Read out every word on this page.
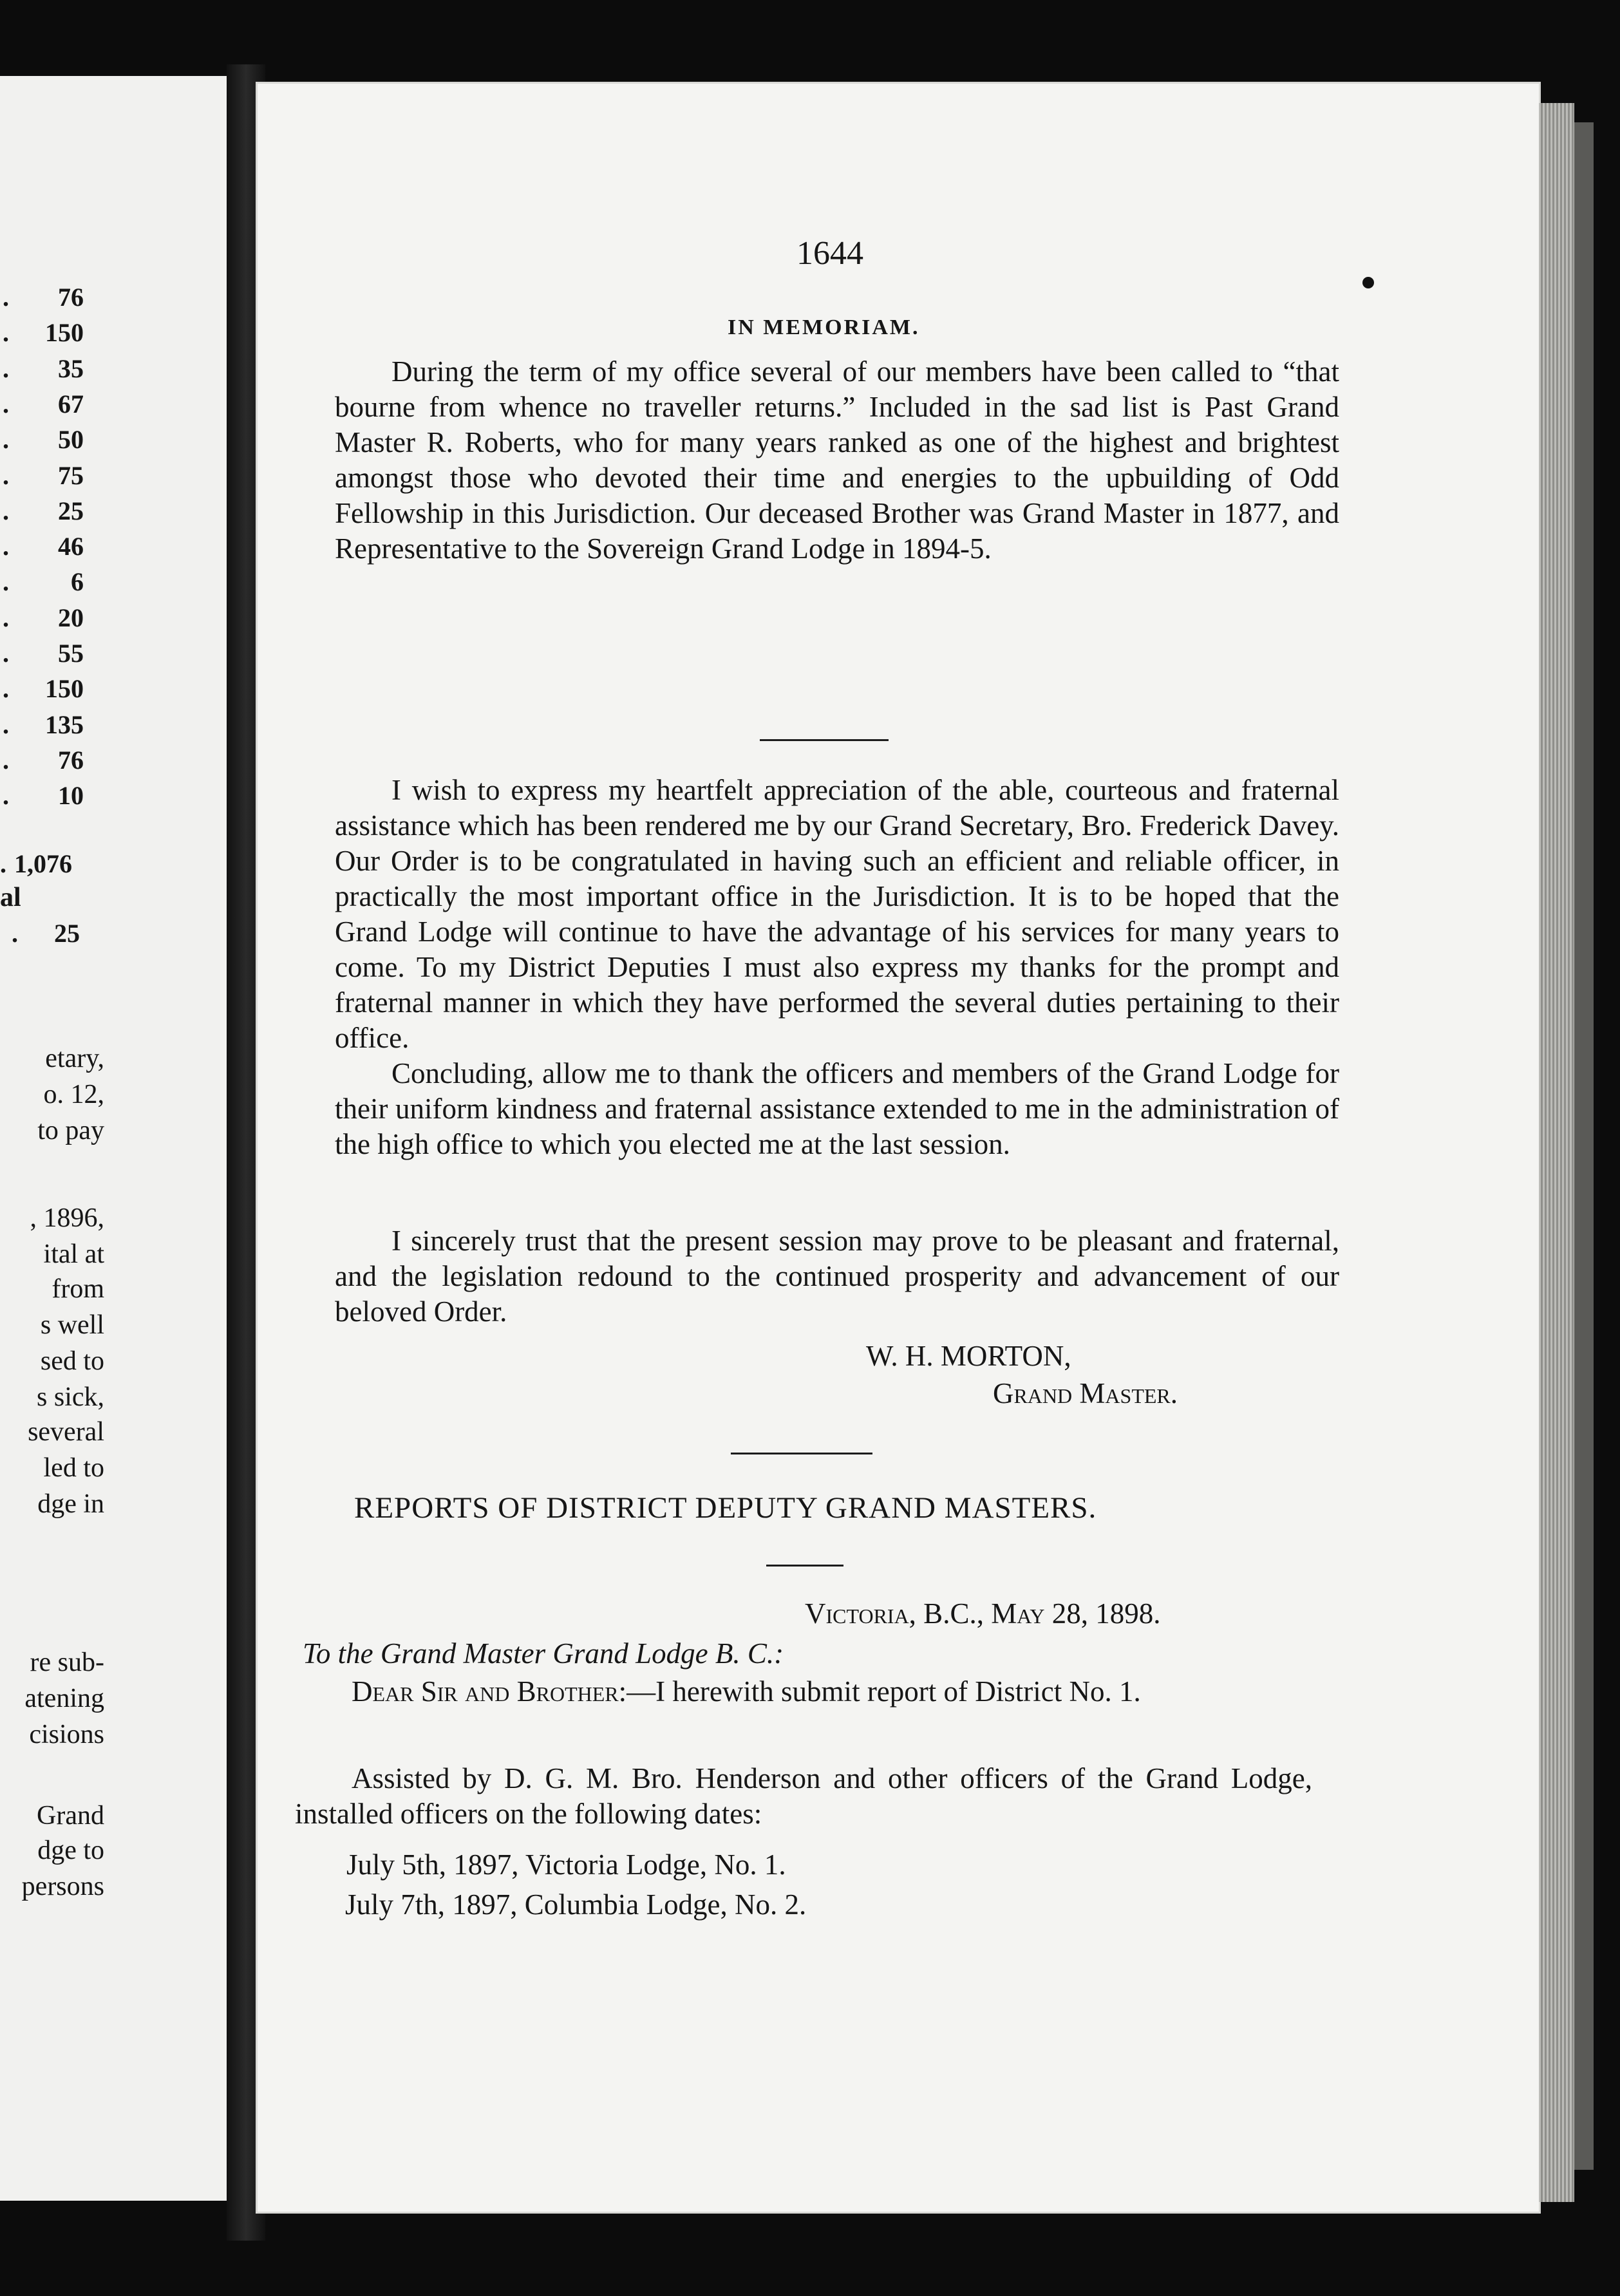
. 76
. 150
. 35
. 67
. 50
. 75
. 25
. 46
. 6
. 20
. 55
. 150
. 135
. 76
. 10
. 1,076
al
. 25
etary,
o. 12,
to pay
, 1896,
ital at
from
s well
sed to
s sick,
several
led to
dge in
re sub-
atening
cisions
Grand
dge to
persons
1644
IN MEMORIAM.
During the term of my office several of our members have been called to “that bourne from whence no traveller returns.” Included in the sad list is Past Grand Master R. Roberts, who for many years ranked as one of the highest and brightest amongst those who devoted their time and energies to the upbuilding of Odd Fellowship in this Jurisdiction. Our deceased Brother was Grand Master in 1877, and Representative to the Sovereign Grand Lodge in 1894-5.
I wish to express my heartfelt appreciation of the able, courteous and fraternal assistance which has been rendered me by our Grand Secretary, Bro. Frederick Davey. Our Order is to be congratulated in having such an efficient and reliable officer, in practically the most important office in the Jurisdiction. It is to be hoped that the Grand Lodge will continue to have the advantage of his services for many years to come. To my District Deputies I must also express my thanks for the prompt and fraternal manner in which they have performed the several duties pertaining to their office.
Concluding, allow me to thank the officers and members of the Grand Lodge for their uniform kindness and fraternal assistance extended to me in the administration of the high office to which you elected me at the last session.
I sincerely trust that the present session may prove to be pleasant and fraternal, and the legislation redound to the continued prosperity and advancement of our beloved Order.
W. H. MORTON,
Grand Master.
REPORTS OF DISTRICT DEPUTY GRAND MASTERS.
Victoria, B.C., May 28, 1898.
To the Grand Master Grand Lodge B. C.:
Dear Sir and Brother:—I herewith submit report of District No. 1.
Assisted by D. G. M. Bro. Henderson and other officers of the Grand Lodge, installed officers on the following dates:
July 5th, 1897, Victoria Lodge, No. 1.
July 7th, 1897, Columbia Lodge, No. 2.
